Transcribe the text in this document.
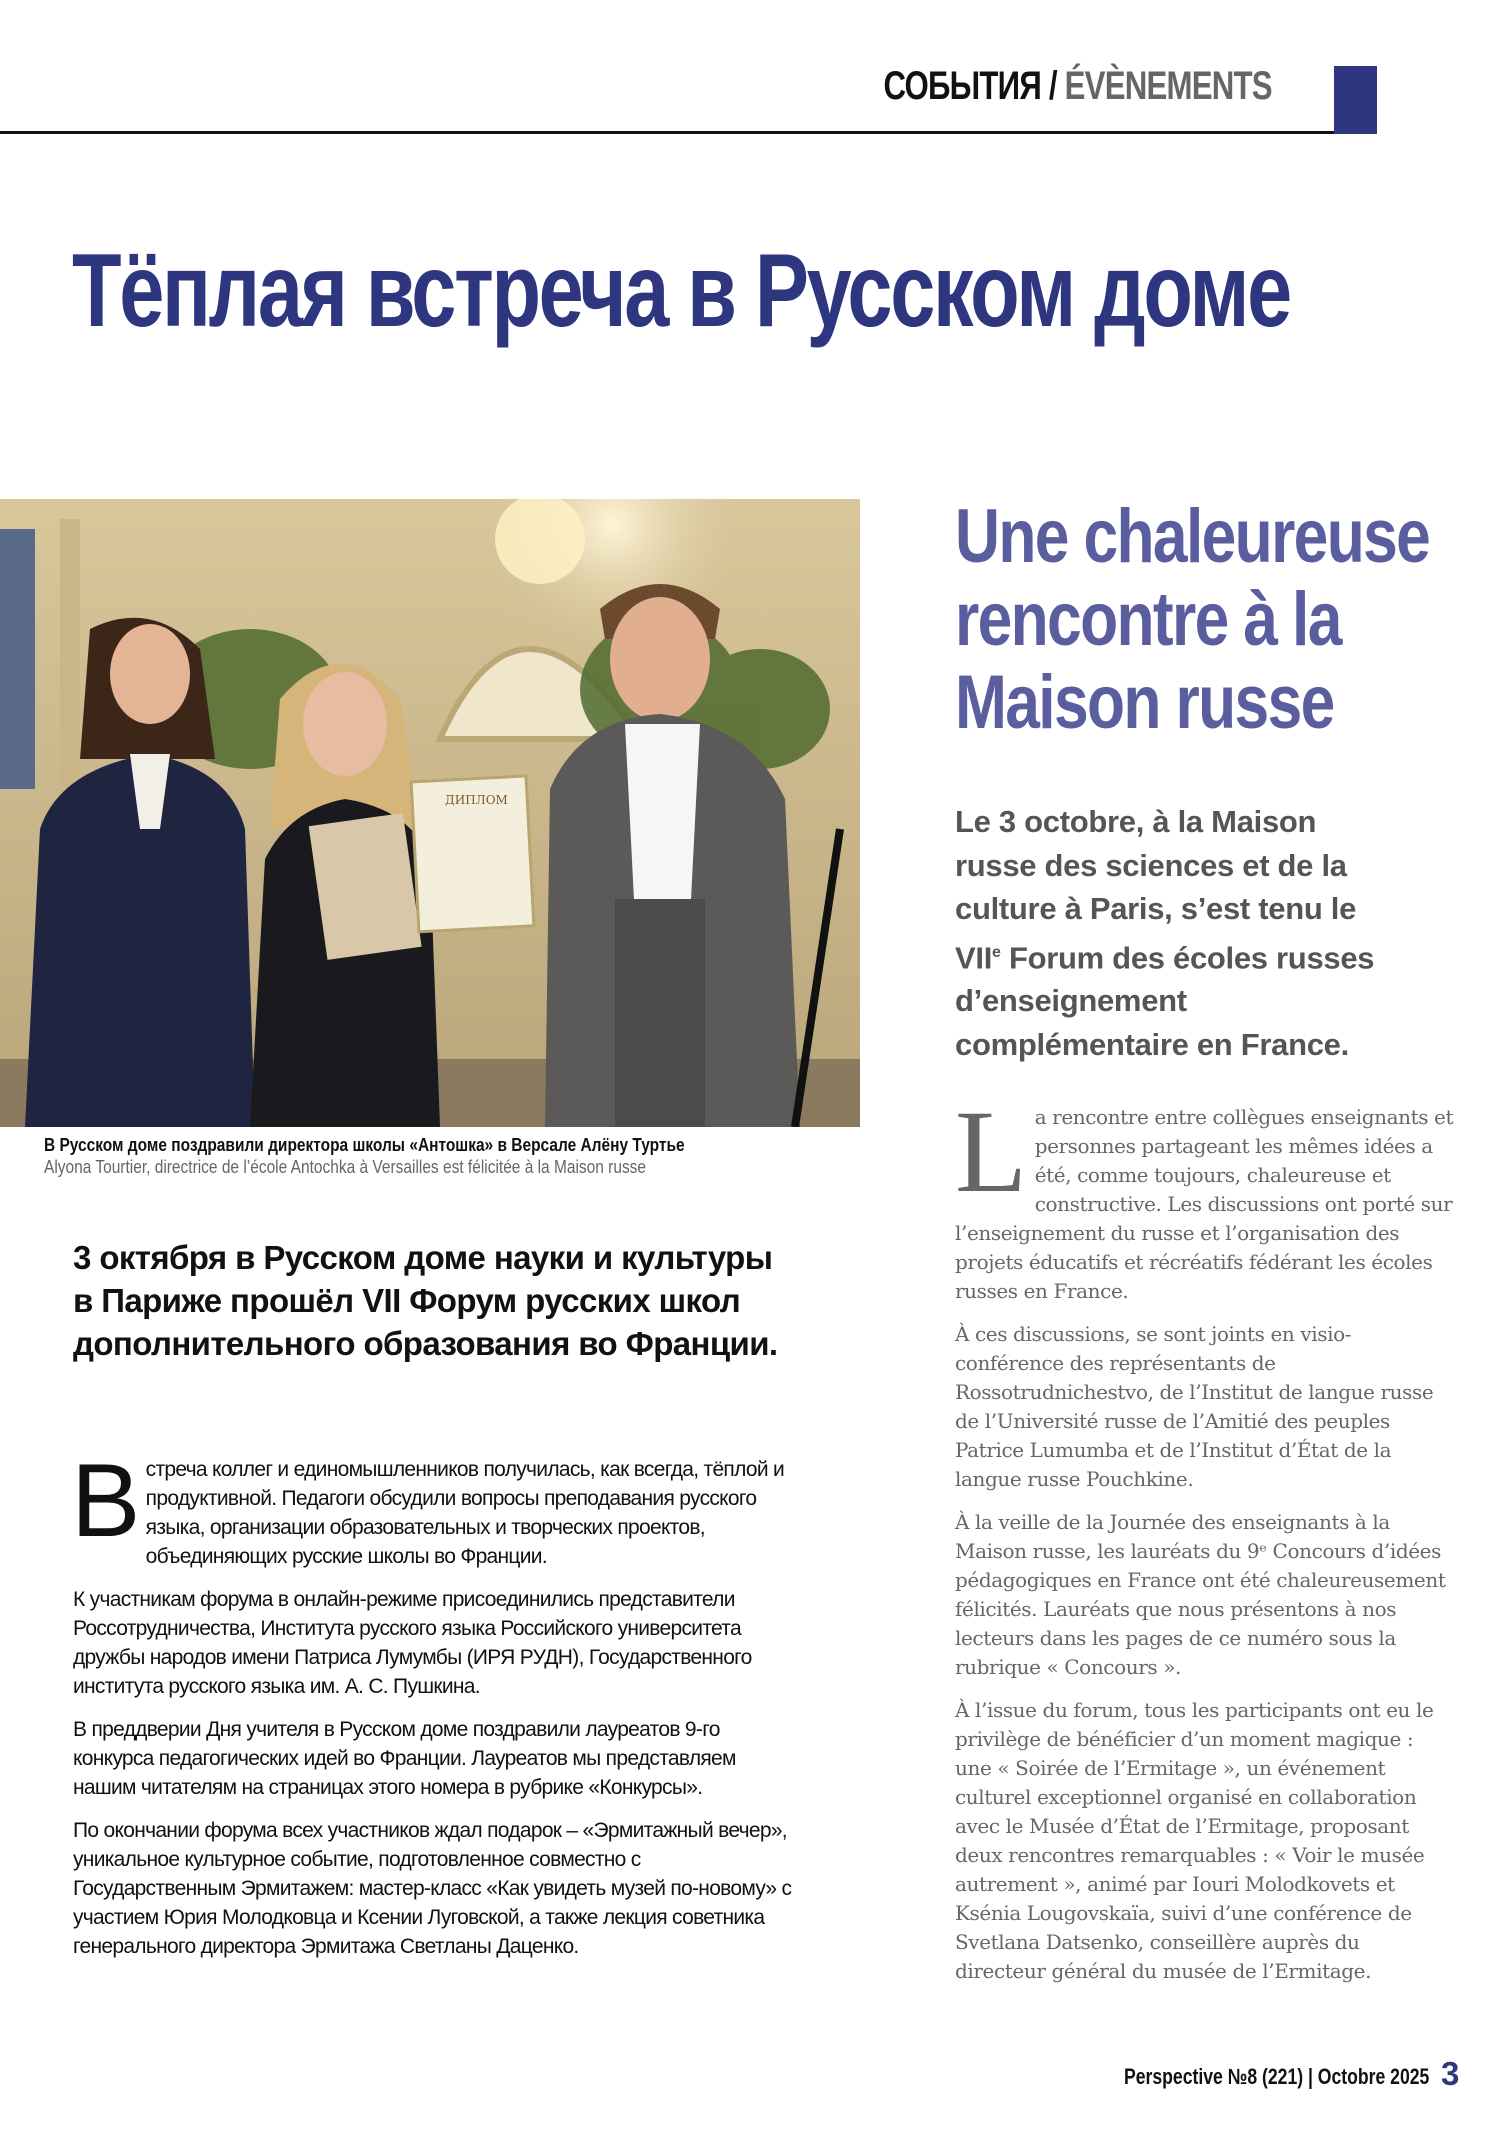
СОБЫТИЯ / ÉVÈNEMENTS
Тёплая встреча в Русском доме
ДИПЛОМ
В Русском доме поздравили директора школы «Антошка» в Версале Алёну Туртье
Alyona Tourtier, directrice de l’école Antochka à Versailles est félicitée à la Maison russe
Une chaleureuse
rencontre à la
Maison russe
Le 3 octobre, à la Maison russe des sciences et de la culture à Paris, s’est tenu le VIIe Forum des écoles russes d’enseignement complémentaire en France.

La rencontre entre collègues enseignants et personnes partageant les mêmes idées a été, comme toujours, chaleureuse et constructive. Les discussions ont porté sur l’enseignement du russe et l’organisation des projets éducatifs et récréatifs fédérant les écoles russes en France.

À ces discussions, se sont joints en visio-conférence des représentants de Rossotrudnichestvo, de l’Institut de langue russe de l’Université russe de l’Amitié des peuples Patrice Lumumba et de l’Institut d’État de la langue russe Pouchkine.

À la veille de la Journée des enseignants à la Maison russe, les lauréats du 9ᵉ Concours d’idées pédagogiques en France ont été chaleureusement félicités. Lauréats que nous présentons à nos lecteurs dans les pages de ce numéro sous la rubrique « Concours ».

À l’issue du forum, tous les participants ont eu le privilège de bénéficier d’un moment magique : une « Soirée de l’Ermitage », un événement culturel exceptionnel organisé en collaboration avec le Musée d’État de l’Ermitage, proposant deux rencontres remarquables : « Voir le musée autrement », animé par Iouri Molodkovets et Ksénia Lougovskaïa, suivi d’une conférence de Svetlana Datsenko, conseillère auprès du directeur général du musée de l’Ermitage.

3 октября в Русском доме науки и культуры в Париже прошёл VII Форум русских школ дополнительного образования во Франции.

Встреча коллег и единомышленников получилась, как всегда, тёплой и продуктивной. Педагоги обсудили вопросы преподавания русского языка, организации образовательных и творческих проектов, объединяющих русские школы во Франции.

К участникам форума в онлайн-режиме присоединились представители Россотрудничества, Института русского языка Российского университета дружбы народов имени Патриса Лумумбы (ИРЯ РУДН), Государственного института русского языка им. А. С. Пушкина.

В преддверии Дня учителя в Русском доме поздравили лауреатов 9-го конкурса педагогических идей во Франции. Лауреатов мы представляем нашим читателям на страницах этого номера в рубрике «Конкурсы».

По окончании форума всех участников ждал подарок – «Эрмитажный вечер», уникальное культурное событие, подготовленное совместно с Государственным Эрмитажем: мастер-класс «Как увидеть музей по-новому» с участием Юрия Молодковца и Ксении Луговской, а также лекция советника генерального директора Эрмитажа Светланы Даценко.

Perspective №8 (221) | Octobre 2025 3
